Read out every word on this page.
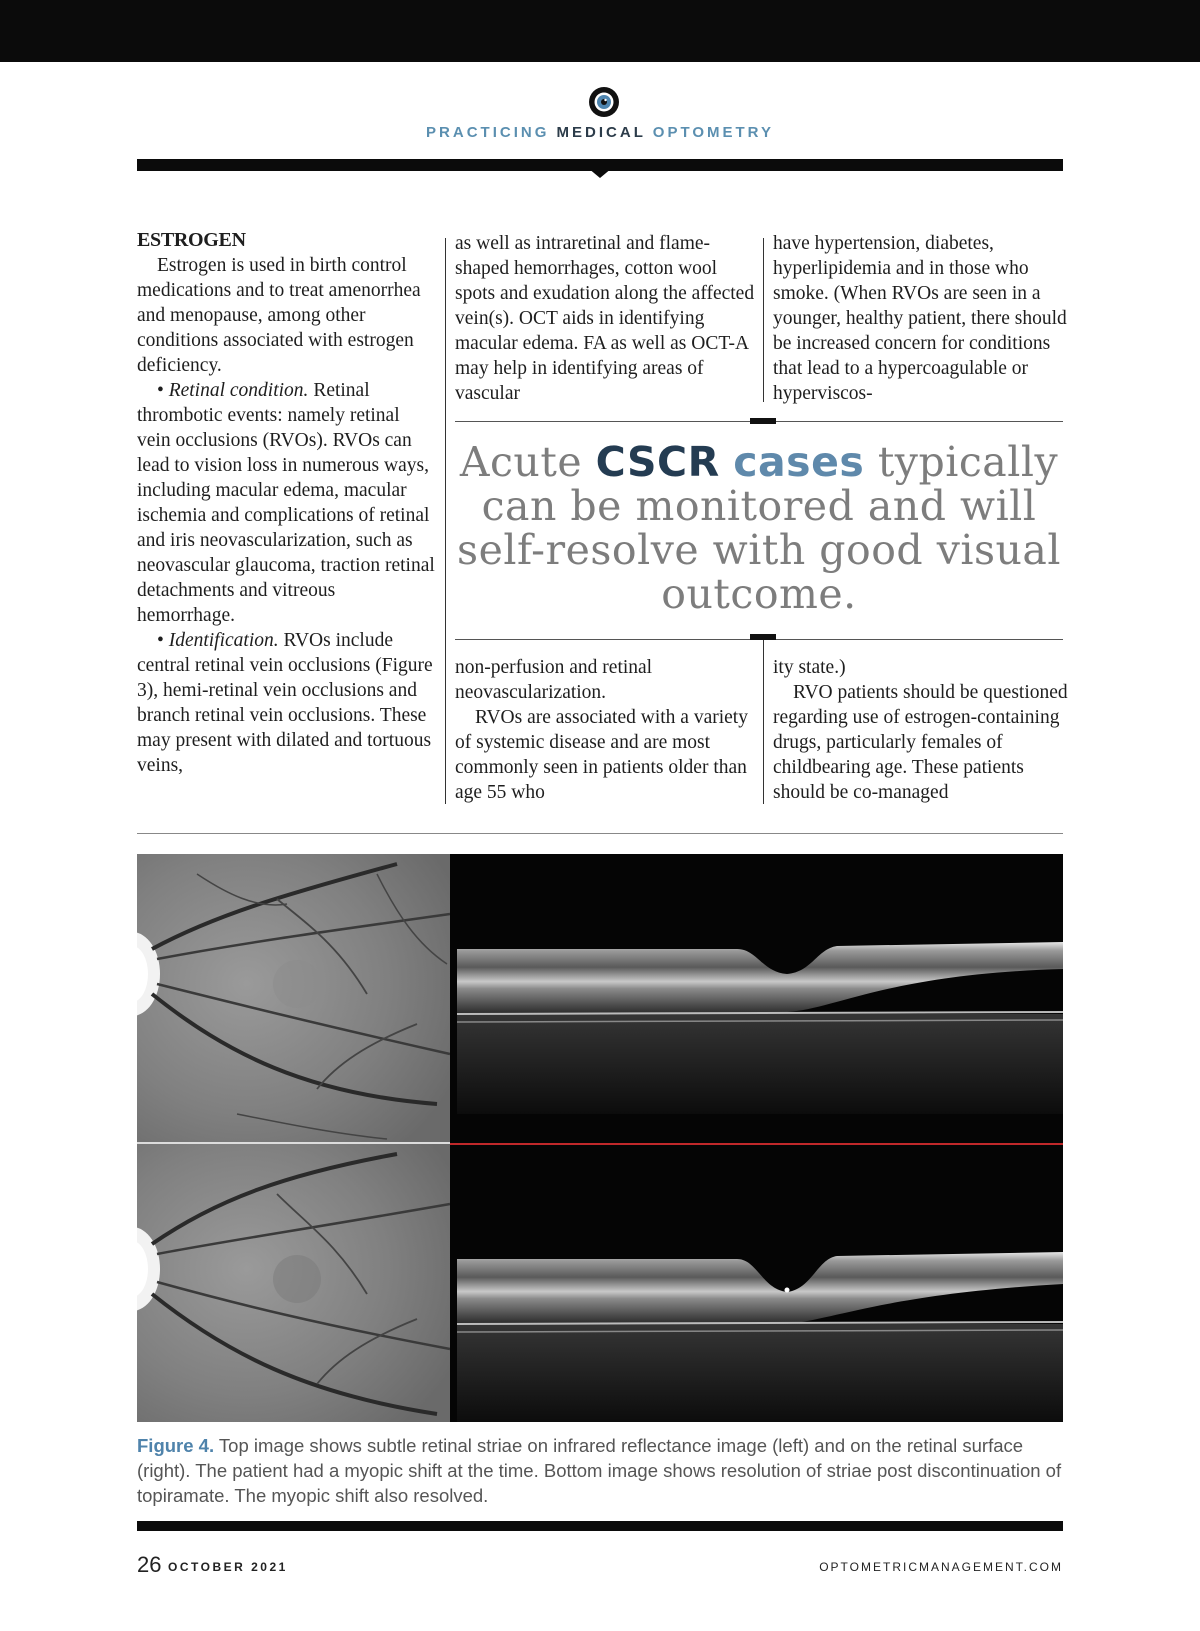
PRACTICING MEDICAL OPTOMETRY

ESTROGEN

Estrogen is used in birth control medications and to treat amenorrhea and menopause, among other conditions associated with estrogen deficiency.

• Retinal condition. Retinal thrombotic events: namely retinal vein occlusions (RVOs). RVOs can lead to vision loss in numerous ways, including macular edema, macular ischemia and complications of retinal and iris neovascularization, such as neovascular glaucoma, traction retinal detachments and vitreous hemorrhage.

• Identification. RVOs include central retinal vein occlusions (Figure 3), hemi-retinal vein occlusions and branch retinal vein occlusions. These may present with dilated and tortuous veins,

as well as intraretinal and flame-shaped hemorrhages, cotton wool spots and exudation along the affected vein(s). OCT aids in identifying macular edema. FA as well as OCT-A may help in identifying areas of vascular

have hypertension, diabetes, hyperlipidemia and in those who smoke. (When RVOs are seen in a younger, healthy patient, there should be increased concern for conditions that lead to a hypercoagulable or hyperviscos-

Acute CSCR cases typically can be monitored and will self-resolve with good visual outcome.

non-perfusion and retinal neovascularization.

RVOs are associated with a variety of systemic disease and are most commonly seen in patients older than age 55 who

ity state.)

RVO patients should be questioned regarding use of estrogen-containing drugs, particularly females of childbearing age. These patients should be co-managed

Figure 4. Top image shows subtle retinal striae on infrared reflectance image (left) and on the retinal surface (right). The patient had a myopic shift at the time. Bottom image shows resolution of striae post discontinuation of topiramate. The myopic shift also resolved.
26 OCTOBER 2021	OPTOMETRICMANAGEMENT.COM
